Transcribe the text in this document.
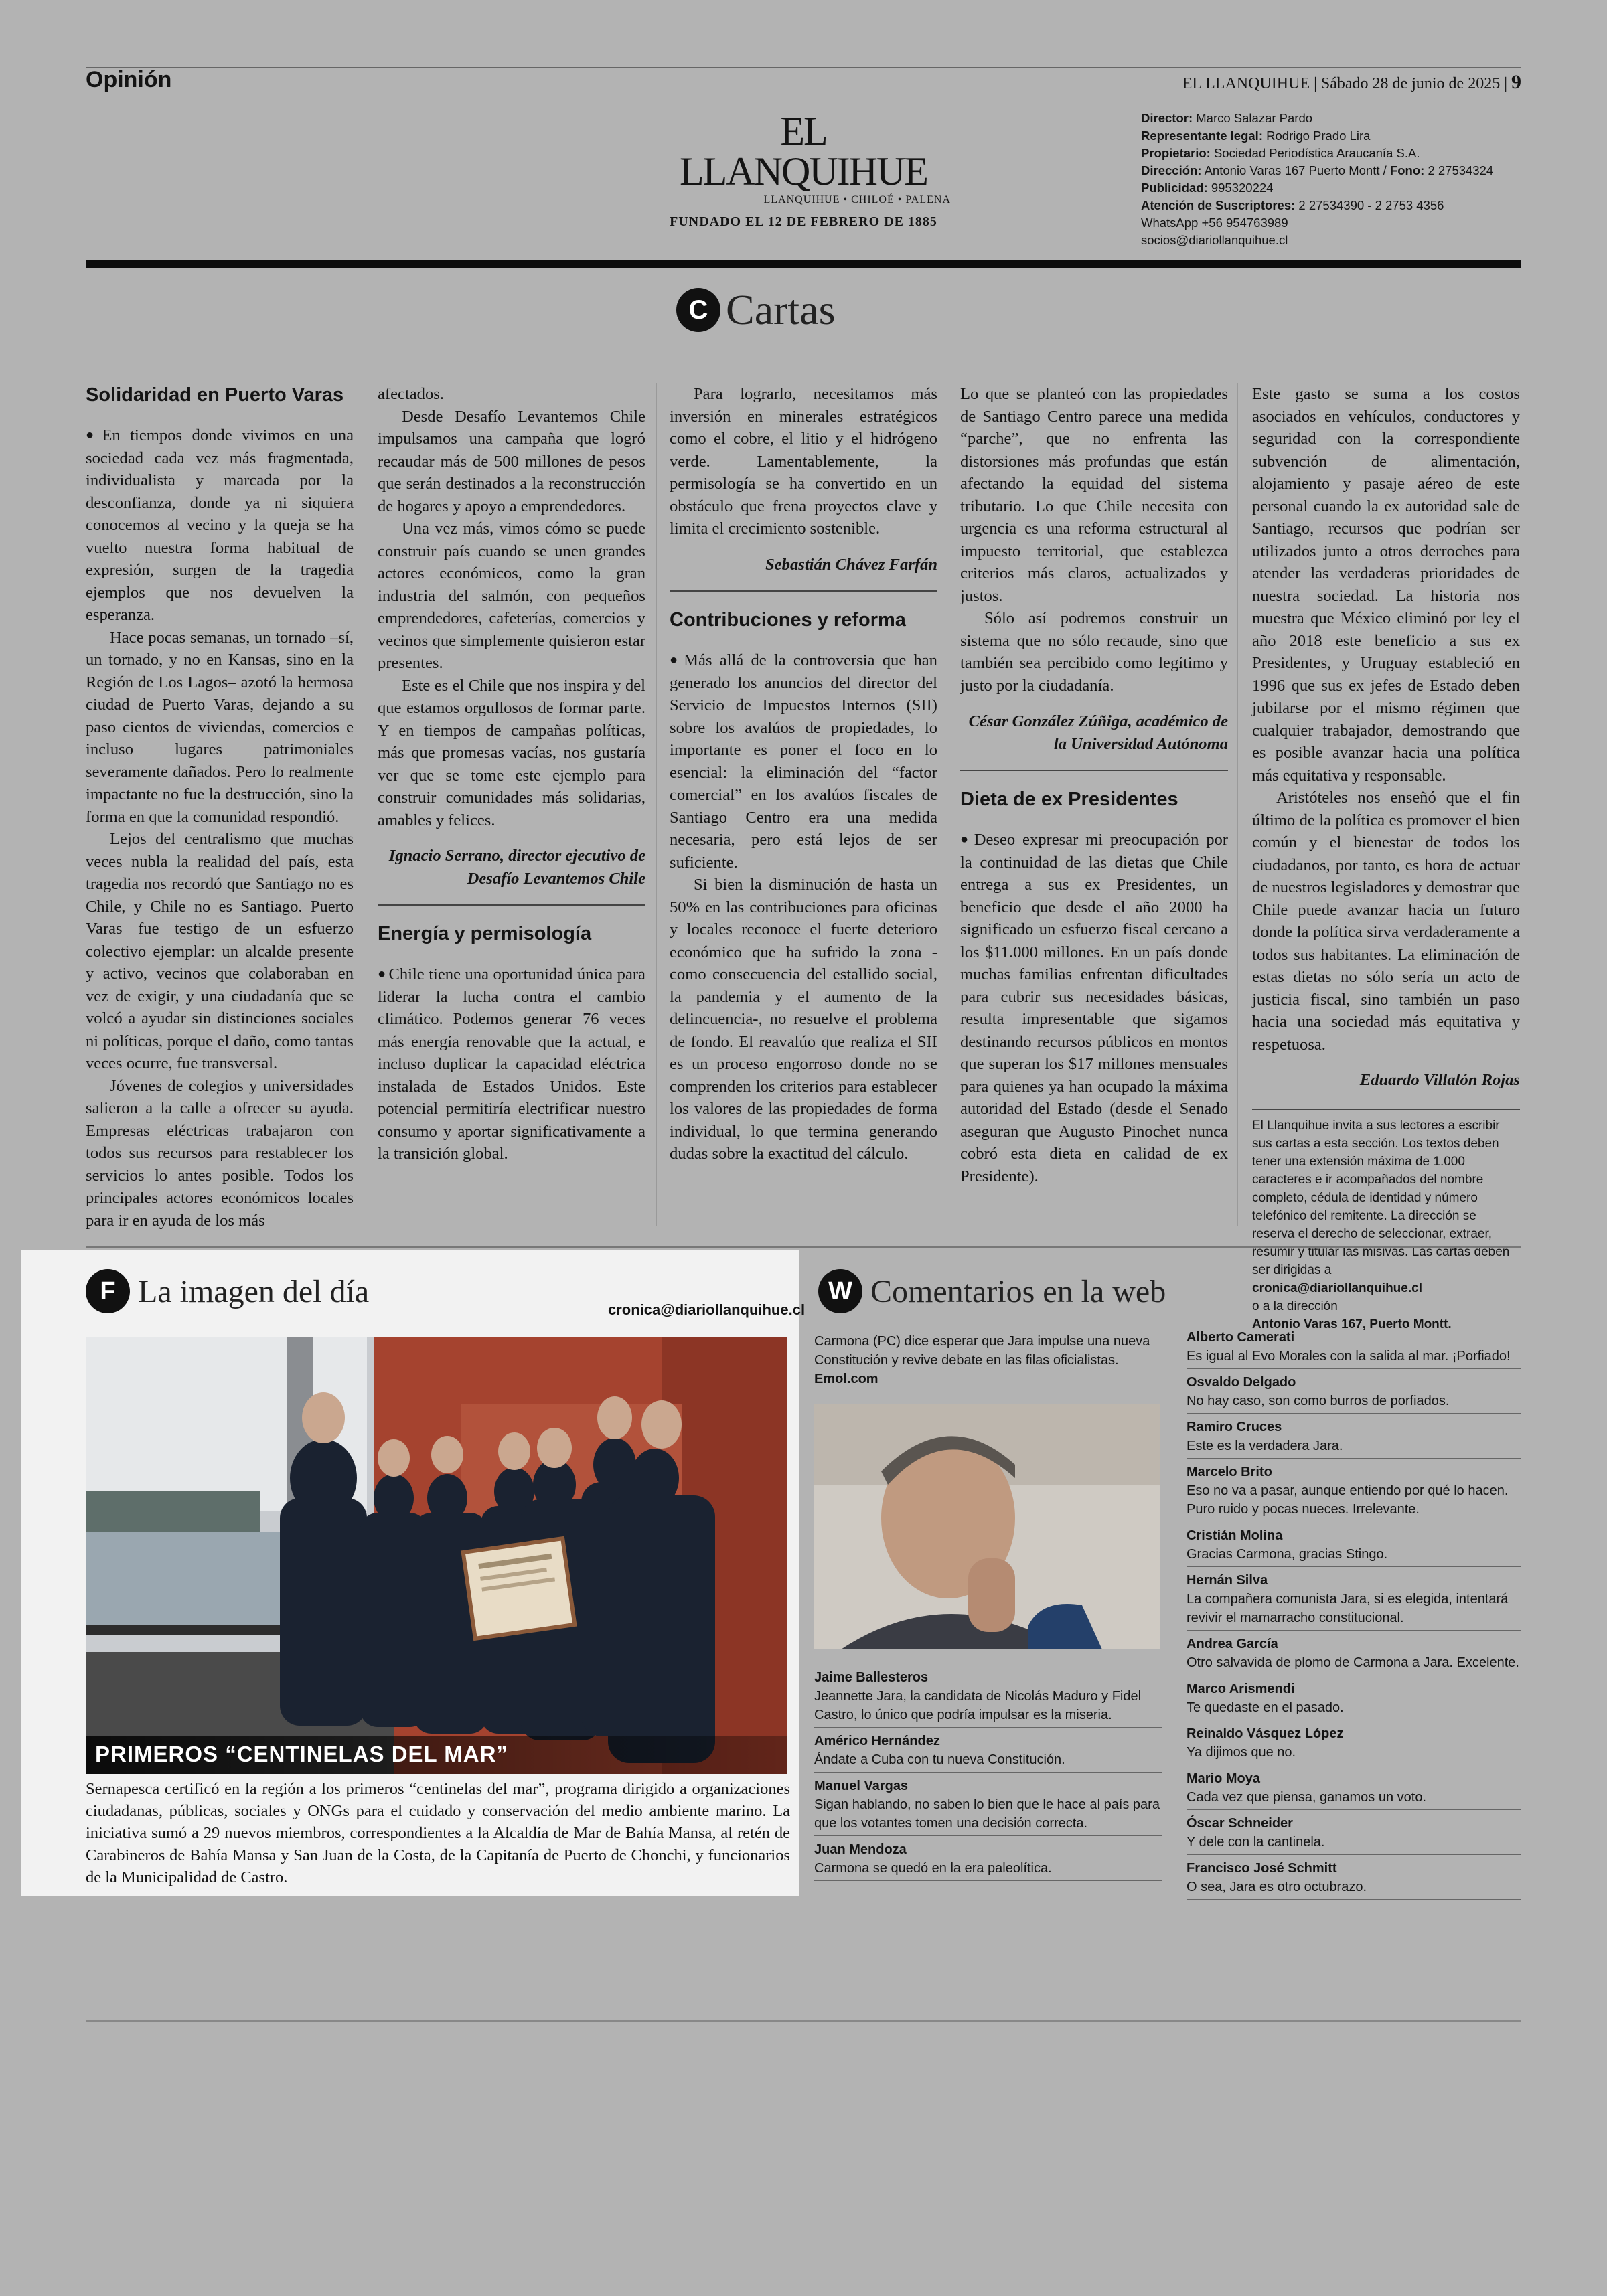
Opinión	EL LLANQUIHUE | Sábado 28 de junio de 2025 | 9
EL LLANQUIHUE
LLANQUIHUE • CHILOÉ • PALENA
FUNDADO EL 12 DE FEBRERO DE 1885
Director: Marco Salazar Pardo
Representante legal: Rodrigo Prado Lira
Propietario: Sociedad Periodística Araucanía S.A.
Dirección: Antonio Varas 167 Puerto Montt / Fono: 2 27534324
Publicidad: 995320224
Atención de Suscriptores: 2 27534390 - 2 2753 4356
WhatsApp +56 954763989
socios@diariollanquihue.cl
C Cartas
Solidaridad en Puerto Varas

● En tiempos donde vivimos en una sociedad cada vez más fragmentada, individualista y marcada por la desconfianza, donde ya ni siquiera conocemos al vecino y la queja se ha vuelto nuestra forma habitual de expresión, surgen de la tragedia ejemplos que nos devuelven la esperanza.

Hace pocas semanas, un tornado –sí, un tornado, y no en Kansas, sino en la Región de Los Lagos– azotó la hermosa ciudad de Puerto Varas, dejando a su paso cientos de viviendas, comercios e incluso lugares patrimoniales severamente dañados. Pero lo realmente impactante no fue la destrucción, sino la forma en que la comunidad respondió.

Lejos del centralismo que muchas veces nubla la realidad del país, esta tragedia nos recordó que Santiago no es Chile, y Chile no es Santiago. Puerto Varas fue testigo de un esfuerzo colectivo ejemplar: un alcalde presente y activo, vecinos que colaboraban en vez de exigir, y una ciudadanía que se volcó a ayudar sin distinciones sociales ni políticas, porque el daño, como tantas veces ocurre, fue transversal.

Jóvenes de colegios y universidades salieron a la calle a ofrecer su ayuda. Empresas eléctricas trabajaron con todos sus recursos para restablecer los servicios lo antes posible. Todos los principales actores económicos locales para ir en ayuda de los más

afectados.

Desde Desafío Levantemos Chile impulsamos una campaña que logró recaudar más de 500 millones de pesos que serán destinados a la reconstrucción de hogares y apoyo a emprendedores.

Una vez más, vimos cómo se puede construir país cuando se unen grandes actores económicos, como la gran industria del salmón, con pequeños emprendedores, cafeterías, comercios y vecinos que simplemente quisieron estar presentes.

Este es el Chile que nos inspira y del que estamos orgullosos de formar parte. Y en tiempos de campañas políticas, más que promesas vacías, nos gustaría ver que se tome este ejemplo para construir comunidades más solidarias, amables y felices.

Ignacio Serrano, director ejecutivo de Desafío Levantemos Chile

Energía y permisología

● Chile tiene una oportunidad única para liderar la lucha contra el cambio climático. Podemos generar 76 veces más energía renovable que la actual, e incluso duplicar la capacidad eléctrica instalada de Estados Unidos. Este potencial permitiría electrificar nuestro consumo y aportar significativamente a la transición global.

Para lograrlo, necesitamos más inversión en minerales estratégicos como el cobre, el litio y el hidrógeno verde. Lamentablemente, la permisología se ha convertido en un obstáculo que frena proyectos clave y limita el crecimiento sostenible.

Sebastián Chávez Farfán

Contribuciones y reforma

● Más allá de la controversia que han generado los anuncios del director del Servicio de Impuestos Internos (SII) sobre los avalúos de propiedades, lo importante es poner el foco en lo esencial: la eliminación del “factor comercial” en los avalúos fiscales de Santiago Centro era una medida necesaria, pero está lejos de ser suficiente.

Si bien la disminución de hasta un 50% en las contribuciones para oficinas y locales reconoce el fuerte deterioro económico que ha sufrido la zona -como consecuencia del estallido social, la pandemia y el aumento de la delincuencia-, no resuelve el problema de fondo. El reavalúo que realiza el SII es un proceso engorroso donde no se comprenden los criterios para establecer los valores de las propiedades de forma individual, lo que termina generando dudas sobre la exactitud del cálculo.

Lo que se planteó con las propiedades de Santiago Centro parece una medida “parche”, que no enfrenta las distorsiones más profundas que están afectando la equidad del sistema tributario. Lo que Chile necesita con urgencia es una reforma estructural al impuesto territorial, que establezca criterios más claros, actualizados y justos.

Sólo así podremos construir un sistema que no sólo recaude, sino que también sea percibido como legítimo y justo por la ciudadanía.

César González Zúñiga, académico de la Universidad Autónoma

Dieta de ex Presidentes

● Deseo expresar mi preocupación por la continuidad de las dietas que Chile entrega a sus ex Presidentes, un beneficio que desde el año 2000 ha significado un esfuerzo fiscal cercano a los $11.000 millones. En un país donde muchas familias enfrentan dificultades para cubrir sus necesidades básicas, resulta impresentable que sigamos destinando recursos públicos en montos que superan los $17 millones mensuales para quienes ya han ocupado la máxima autoridad del Estado (desde el Senado aseguran que Augusto Pinochet nunca cobró esta dieta en calidad de ex Presidente).

Este gasto se suma a los costos asociados en vehículos, conductores y seguridad con la correspondiente subvención de alimentación, alojamiento y pasaje aéreo de este personal cuando la ex autoridad sale de Santiago, recursos que podrían ser utilizados junto a otros derroches para atender las verdaderas prioridades de nuestra sociedad. La historia nos muestra que México eliminó por ley el año 2018 este beneficio a sus ex Presidentes, y Uruguay estableció en 1996 que sus ex jefes de Estado deben jubilarse por el mismo régimen que cualquier trabajador, demostrando que es posible avanzar hacia una política más equitativa y responsable.

Aristóteles nos enseñó que el fin último de la política es promover el bien común y el bienestar de todos los ciudadanos, por tanto, es hora de actuar de nuestros legisladores y demostrar que Chile puede avanzar hacia un futuro donde la política sirva verdaderamente a todos sus habitantes. La eliminación de estas dietas no sólo sería un acto de justicia fiscal, sino también un paso hacia una sociedad más equitativa y respetuosa.

Eduardo Villalón Rojas

El Llanquihue invita a sus lectores a escribir sus cartas a esta sección. Los textos deben tener una extensión máxima de 1.000 caracteres e ir acompañados del nombre completo, cédula de identidad y número telefónico del remitente. La dirección se reserva el derecho de seleccionar, extraer, resumir y titular las misivas. Las cartas deben ser dirigidas a
cronica@diariollanquihue.cl
o a la dirección
Antonio Varas 167, Puerto Montt.
F La imagen del día
cronica@diariollanquihue.cl
PRIMEROS “CENTINELAS DEL MAR”
Sernapesca certificó en la región a los primeros “centinelas del mar”, programa dirigido a organizaciones ciudadanas, públicas, sociales y ONGs para el cuidado y conservación del medio ambiente marino. La iniciativa sumó a 29 nuevos miembros, correspondientes a la Alcaldía de Mar de Bahía Mansa, al retén de Carabineros de Bahía Mansa y San Juan de la Costa, de la Capitanía de Puerto de Chonchi, y funcionarios de la Municipalidad de Castro.
W Comentarios en la web
Carmona (PC) dice esperar que Jara impulse una nueva Constitución y revive debate en las filas oficialistas. Emol.com
Jaime Ballesteros
Jeannette Jara, la candidata de Nicolás Maduro y Fidel Castro, lo único que podría impulsar es la miseria.
Américo Hernández
Ándate a Cuba con tu nueva Constitución.
Manuel Vargas
Sigan hablando, no saben lo bien que le hace al país para que los votantes tomen una decisión correcta.
Juan Mendoza
Carmona se quedó en la era paleolítica.
Alberto Camerati
Es igual al Evo Morales con la salida al mar. ¡Porfiado!
Osvaldo Delgado
No hay caso, son como burros de porfiados.
Ramiro Cruces
Este es la verdadera Jara.
Marcelo Brito
Eso no va a pasar, aunque entiendo por qué lo hacen. Puro ruido y pocas nueces. Irrelevante.
Cristián Molina
Gracias Carmona, gracias Stingo.
Hernán Silva
La compañera comunista Jara, si es elegida, intentará revivir el mamarracho constitucional.
Andrea García
Otro salvavida de plomo de Carmona a Jara. Excelente.
Marco Arismendi
Te quedaste en el pasado.
Reinaldo Vásquez López
Ya dijimos que no.
Mario Moya
Cada vez que piensa, ganamos un voto.
Óscar Schneider
Y dele con la cantinela.
Francisco José Schmitt
O sea, Jara es otro octubrazo.
